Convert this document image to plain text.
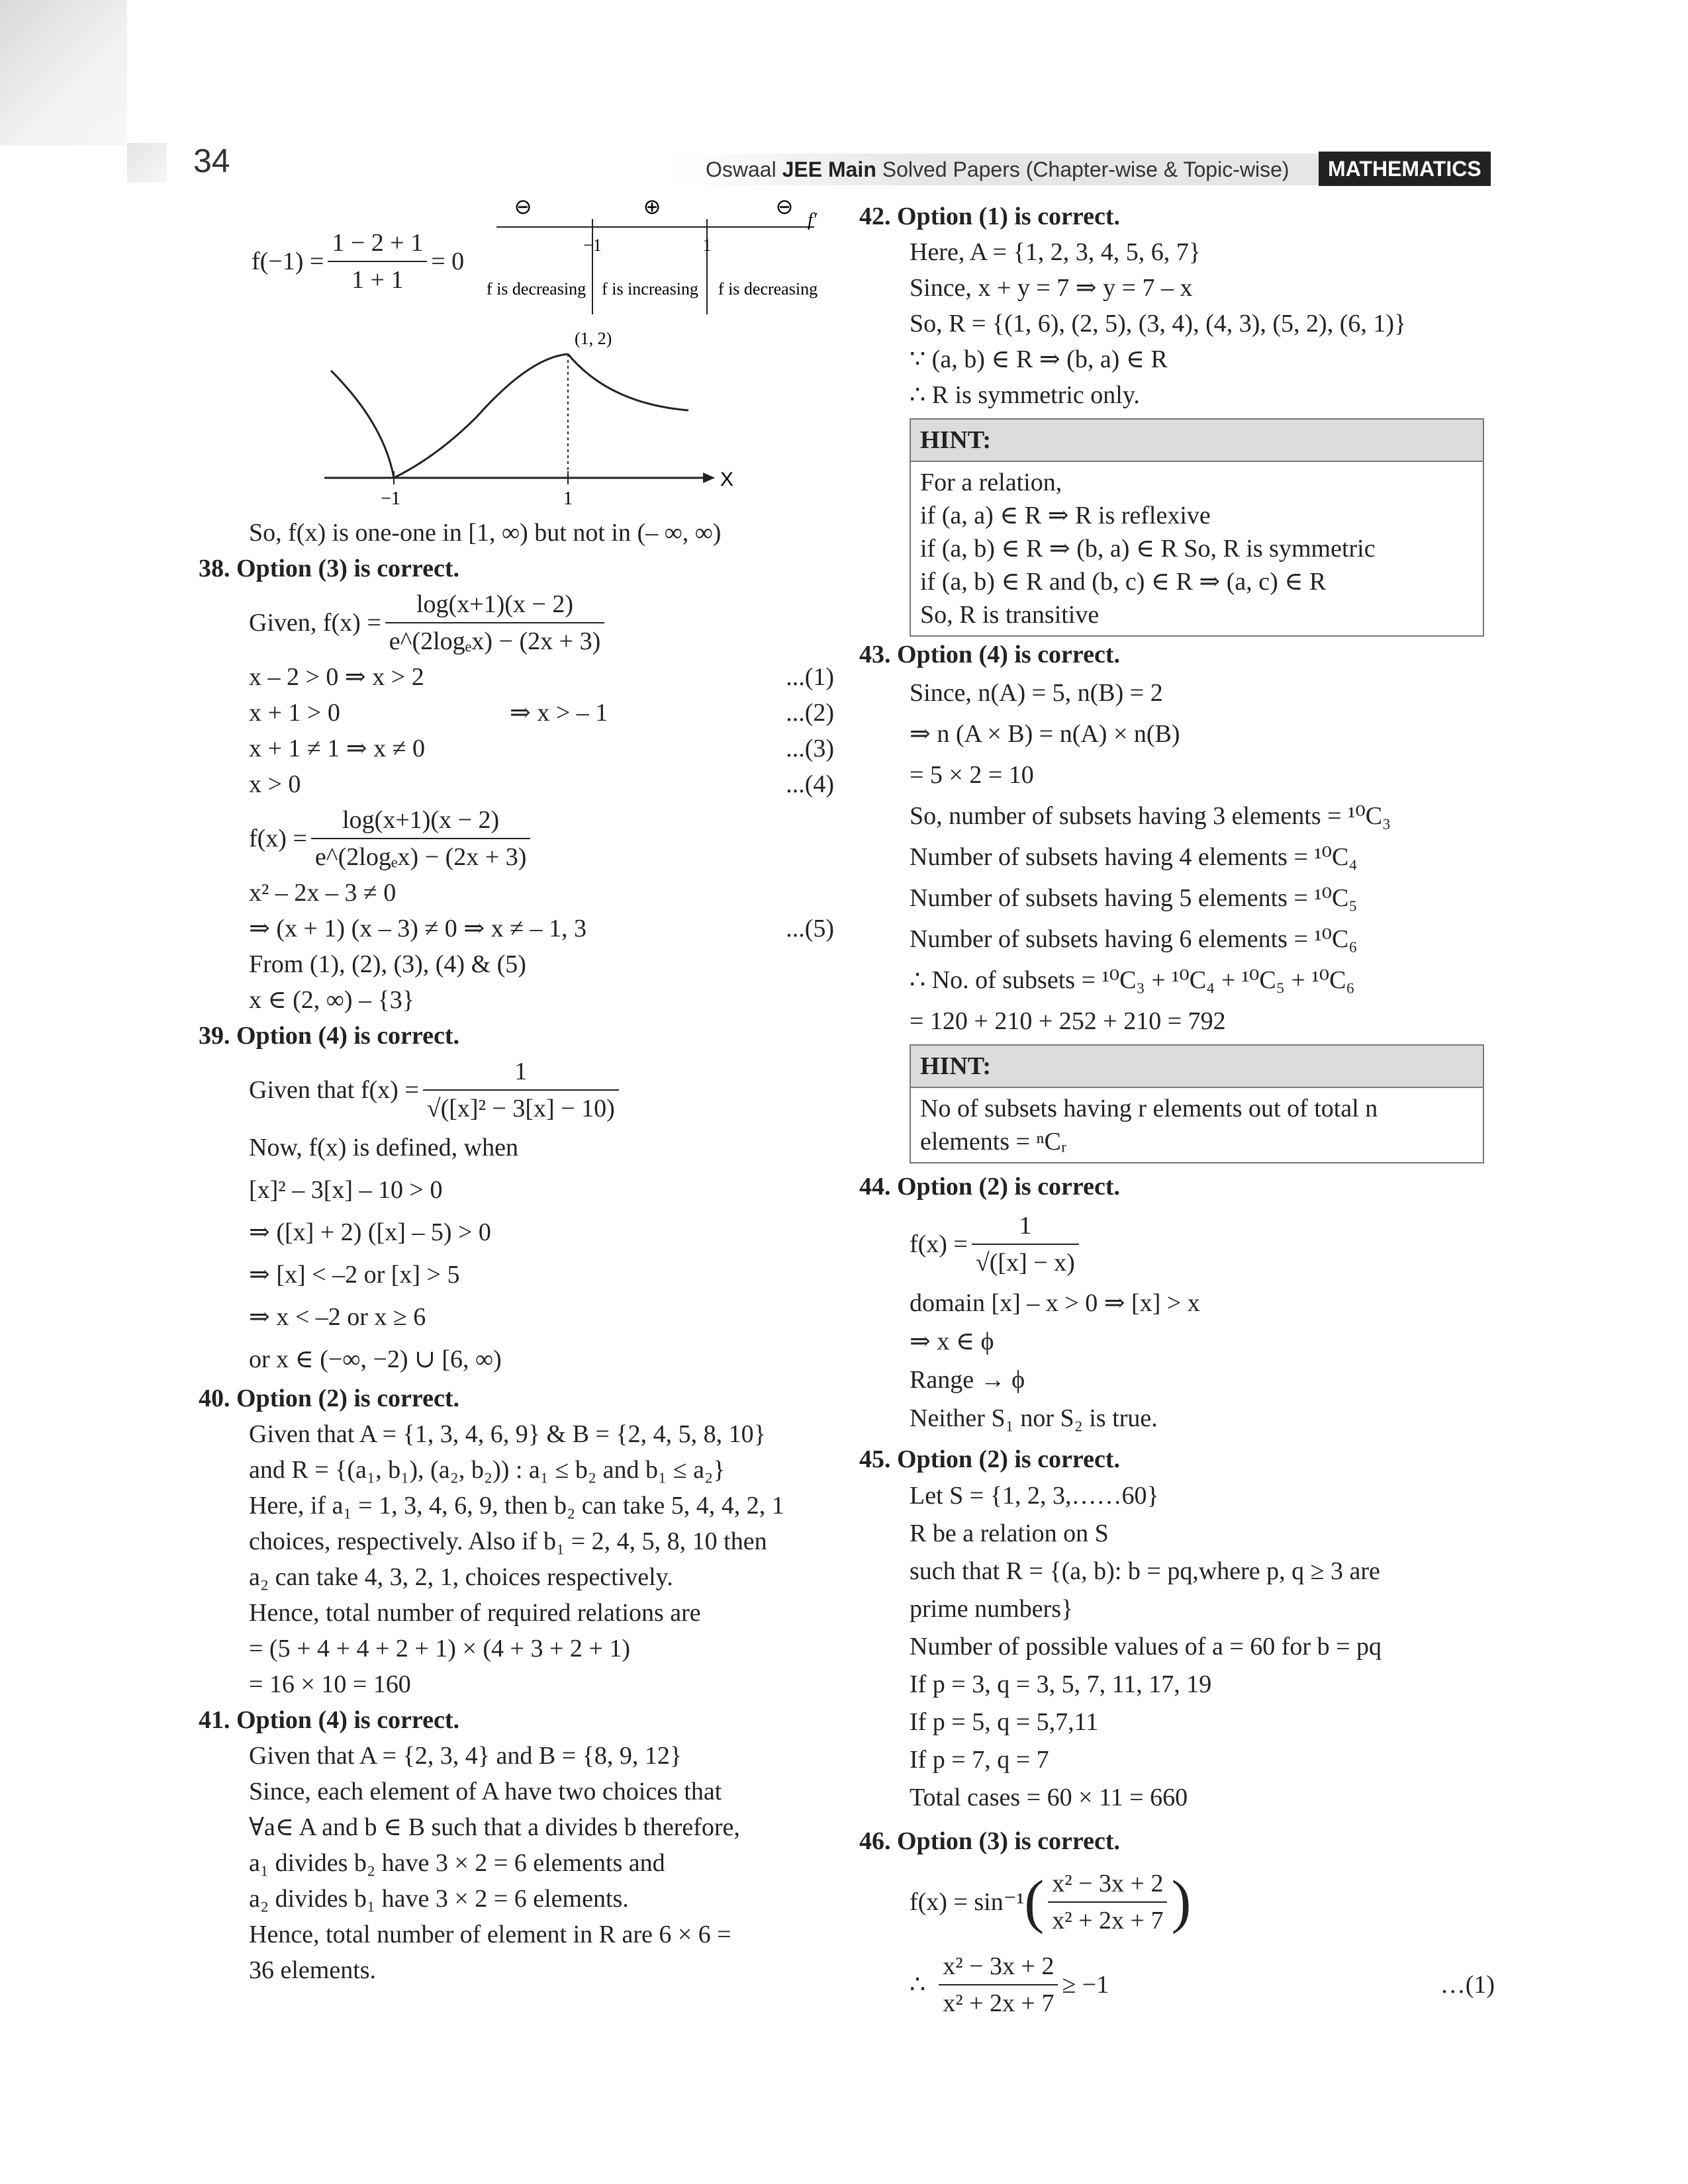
34	Oswaal JEE Main Solved Papers (Chapter-wise & Topic-wise)	MATHEMATICS
⊖	⊕	⊖
f′
−1	1
f is decreasing f is increasing f is decreasing
(1, 2)
X
−1	1
$f(-1) = \frac{1 - 2 + 1}{1 + 1} = 0$
So, f(x) is one-one in [1, ∞) but not in (– ∞, ∞)
38. Option (3) is correct.
Given, $f(x) = \frac{\log(x+1)(x - 2)}{\text{e\textasciicircum{}(2logₑx) − (2x + 3)}}$
x – 2 > 0 ⇒ x > 2	...(1)
x + 1 > 0	⇒ x > – 1	...(2)
x + 1 ≠ 1 ⇒ x ≠ 0	...(3)
x > 0	...(4)
$f(x) = \frac{\log(x+1)(x - 2)}{\text{e\textasciicircum{}(2logₑx) − (2x + 3)}}$
x² – 2x – 3 ≠ 0
⇒ (x + 1) (x – 3) ≠ 0 ⇒ x ≠ – 1, 3	...(5)
From (1), (2), (3), (4) & (5)
x ∈ (2, ∞) – {3}
39. Option (4) is correct.
Given that
$f(x) = \frac{1}{\text{√([x]² − 3[x] − 10)}}$
Now, f(x) is defined, when
[x]² – 3[x] – 10 > 0
⇒ ([x] + 2) ([x] – 5) > 0
⇒ [x] < –2 or [x] > 5
⇒ x < –2 or x ≥ 6
or x ∈ (−∞, −2) ∪ [6, ∞)
40. Option (2) is correct.
Given that A = {1, 3, 4, 6, 9} & B = {2, 4, 5, 8, 10}
and R = {(a₁, b₁), (a₂, b₂)) : a₁ ≤ b₂ and b₁ ≤ a₂}
Here, if a₁ = 1, 3, 4, 6, 9, then b₂ can take 5, 4, 4, 2, 1
choices, respectively. Also if b₁ = 2, 4, 5, 8, 10 then
a₂ can take 4, 3, 2, 1, choices respectively.
Hence, total number of required relations are
= (5 + 4 + 4 + 2 + 1) × (4 + 3 + 2 + 1)
= 16 × 10 = 160
41. Option (4) is correct.
Given that A = {2, 3, 4} and B = {8, 9, 12}
Since, each element of A have two choices that
∀a∈ A and b ∈ B such that a divides b therefore,
a₁ divides b₂ have 3 × 2 = 6 elements and
a₂ divides b₁ have 3 × 2 = 6 elements.
Hence, total number of element in R are 6 × 6 =
36 elements.
42. Option (1) is correct.
Here, A = {1, 2, 3, 4, 5, 6, 7}
Since, x + y = 7 ⇒ y = 7 – x
So, R = {(1, 6), (2, 5), (3, 4), (4, 3), (5, 2), (6, 1)}
∵ (a, b) ∈ R ⇒ (b, a) ∈ R
∴ R is symmetric only.
HINT:
For a relation,
if (a, a) ∈ R ⇒ R is reflexive
if (a, b) ∈ R ⇒ (b, a) ∈ R So, R is symmetric
if (a, b) ∈ R and (b, c) ∈ R ⇒ (a, c) ∈ R
So, R is transitive
43. Option (4) is correct.
Since, n(A) = 5, n(B) = 2
⇒ n (A × B) = n(A) × n(B)
= 5 × 2 = 10
So, number of subsets having 3 elements = ¹⁰C₃
Number of subsets having 4 elements = ¹⁰C₄
Number of subsets having 5 elements = ¹⁰C₅
Number of subsets having 6 elements = ¹⁰C₆
∴ No. of subsets = ¹⁰C₃ + ¹⁰C₄ + ¹⁰C₅ + ¹⁰C₆
= 120 + 210 + 252 + 210 = 792
HINT:
No of subsets having r elements out of total n
elements = ⁿCᵣ
44. Option (2) is correct.
$f(x) = \frac{1}{√([x] - x)}$
domain [x] – x > 0 ⇒ [x] > x
⇒ x ∈ ϕ
Range → ϕ
Neither S₁ nor S₂ is true.
45. Option (2) is correct.
Let S = {1, 2, 3,……60}
R be a relation on S
such that R = {(a, b): b = pq,where p, q ≥ 3 are
prime numbers}
Number of possible values of a = 60 for b = pq
If p = 3, q = 3, 5, 7, 11, 17, 19
If p = 5, q = 5,7,11
If p = 7, q = 7
Total cases = 60 × 11 = 660
46. Option (3) is correct.
f(x) = sin⁻¹ ( $\frac{\text{x² − 3x + 2}}{\text{x² + 2x + 7}}$ )
∴ $\frac{\text{x² − 3x + 2}}{\text{x² + 2x + 7}} \ge -1$	…(1)
